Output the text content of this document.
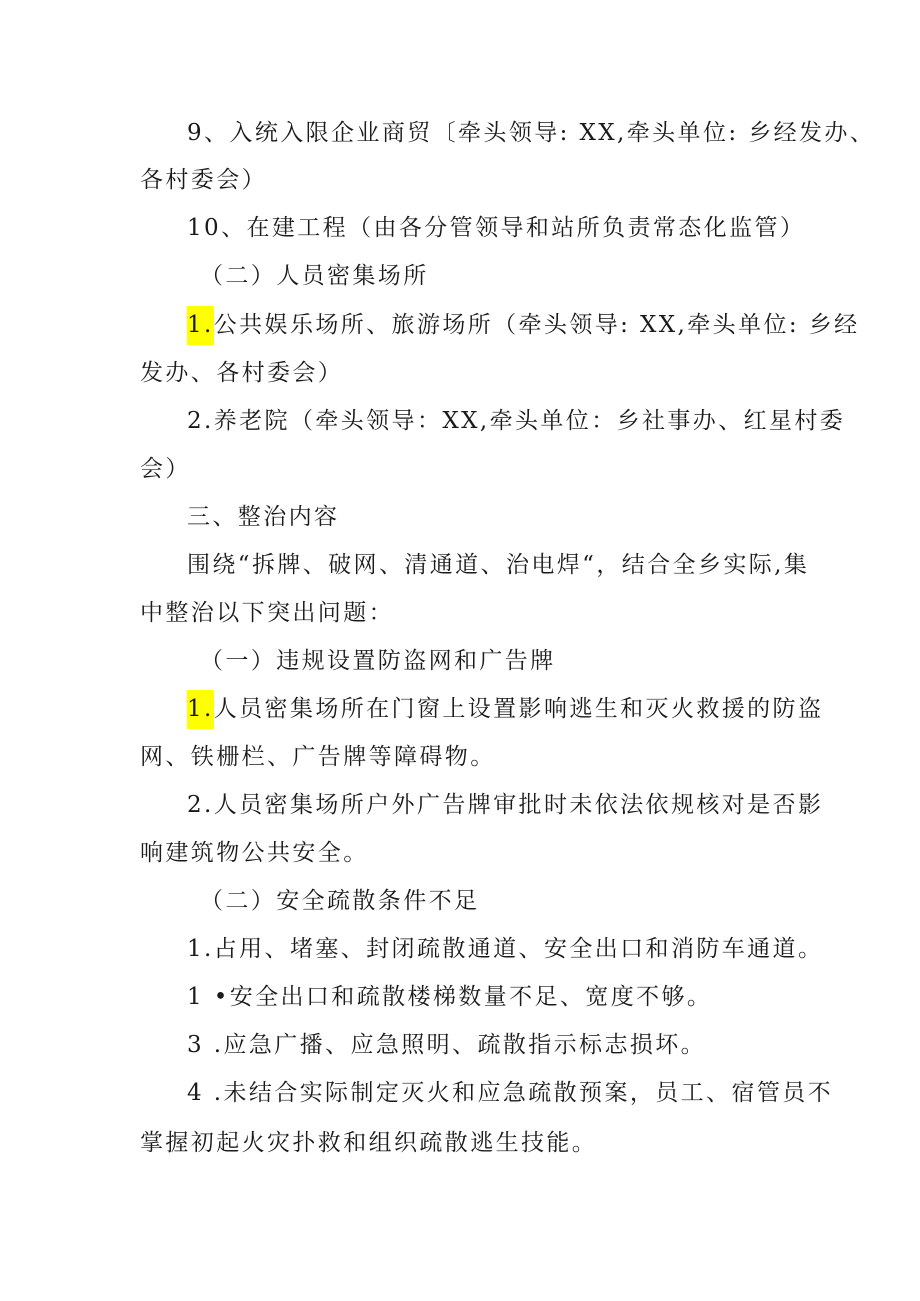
9、入统入限企业商贸〔牵头领导: XX,牵头单位: 乡经发办、
各村委会）
10、在建工程（由各分管领导和站所负责常态化监管）
（二）人员密集场所
1.公共娱乐场所、旅游场所（牵头领导: XX,牵头单位: 乡经
发办、各村委会）
2.养老院（牵头领导：XX,牵头单位：乡社事办、红星村委
会）
三、整治内容
围绕“拆牌、破网、清通道、治电焊“，结合全乡实际,集
中整治以下突出问题：
（一）违规设置防盗网和广告牌
1.人员密集场所在门窗上设置影响逃生和灭火救援的防盗
网、铁栅栏、广告牌等障碍物。
2.人员密集场所户外广告牌审批时未依法依规核对是否影
响建筑物公共安全。
（二）安全疏散条件不足
1.占用、堵塞、封闭疏散通道、安全出口和消防车通道。
1 •安全出口和疏散楼梯数量不足、宽度不够。
3 .应急广播、应急照明、疏散指示标志损坏。
4 .未结合实际制定灭火和应急疏散预案，员工、宿管员不
掌握初起火灾扑救和组织疏散逃生技能。
